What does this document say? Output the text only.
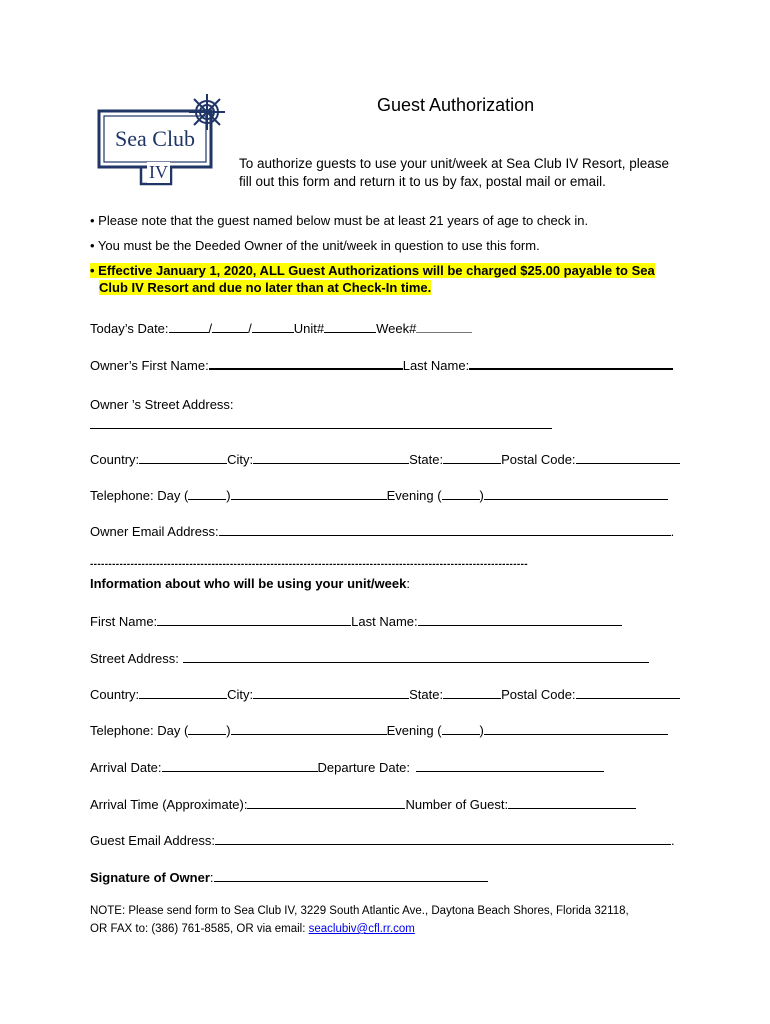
Sea Club
IV
Guest Authorization
To authorize guests to use your unit/week at Sea Club IV Resort, please
fill out this form and return it to us by fax, postal mail or email.
• Please note that the guest named below must be at least 21 years of age to check in.
• You must be the Deeded Owner of the unit/week in question to use this form.
• Effective January 1, 2020, ALL Guest Authorizations will be charged $25.00 payable to Sea
Club IV Resort and due no later than at Check-In time.
Today’s Date:	/	/	Unit#	Week#
Owner’s First Name:	Last Name:
Owner ’s Street Address:
Country:	City:	State:	Postal Code:
Telephone: Day (	)	Evening (	)
Owner Email Address:	.
-----------------------------------------------------------------------------------------------------------------------
Information about who will be using your unit/week:
First Name:	Last Name:
Street Address:
Country:	City:	State:	Postal Code:
Telephone: Day (	)	Evening (	)
Arrival Date:	Departure Date:
Arrival Time (Approximate):	Number of Guest:
Guest Email Address:	.
Signature of Owner:
NOTE: Please send form to Sea Club IV, 3229 South Atlantic Ave., Daytona Beach Shores, Florida 32118,
OR FAX to: (386) 761-8585, OR via email: seaclubiv@cfl.rr.com
